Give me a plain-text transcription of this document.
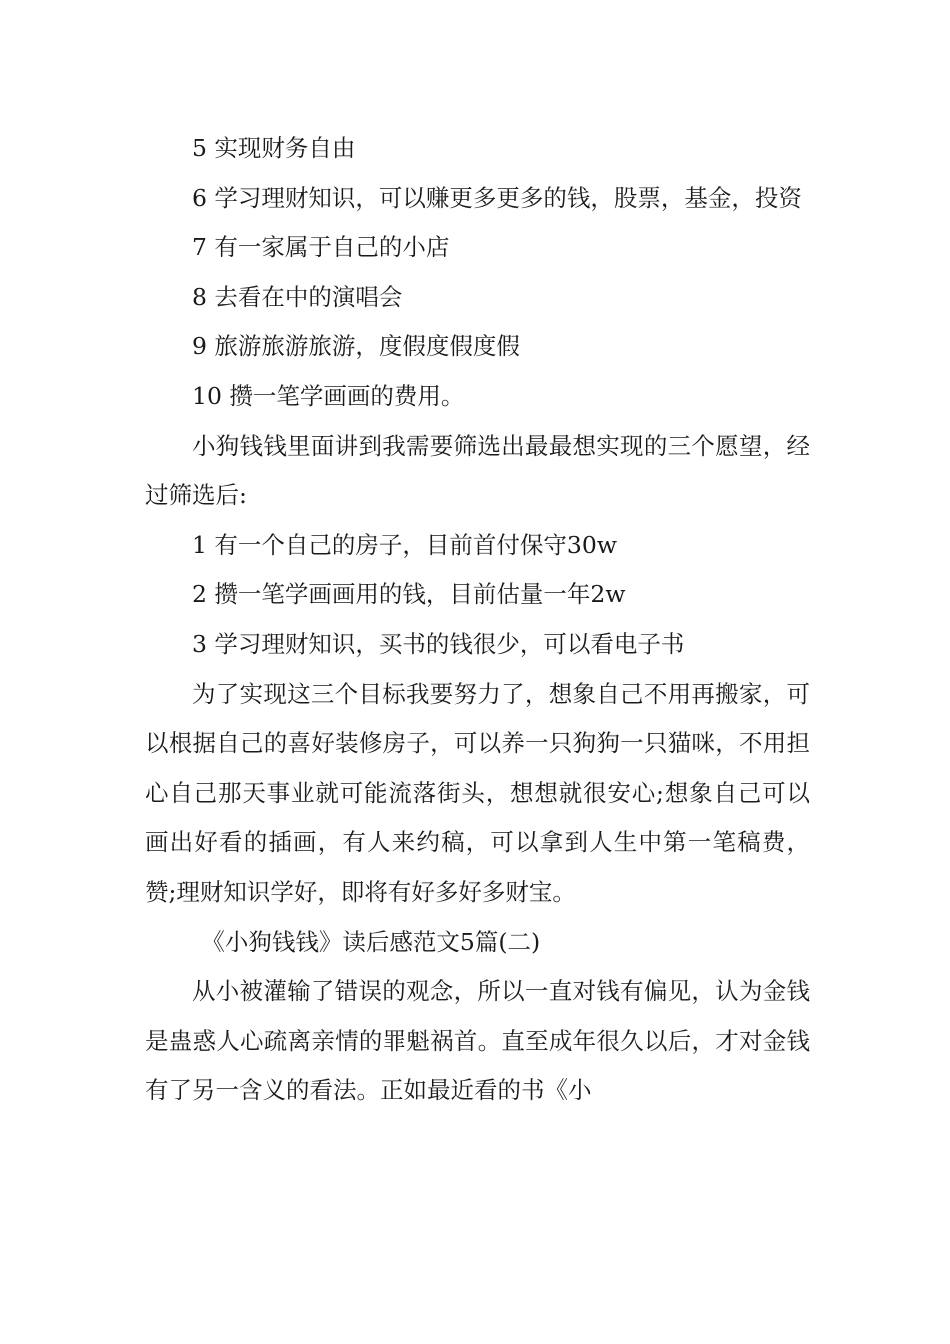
5 实现财务自由

6 学习理财知识，可以赚更多更多的钱，股票，基金，投资

7 有一家属于自己的小店

8 去看在中的演唱会

9 旅游旅游旅游，度假度假度假

10 攒一笔学画画的费用。

小狗钱钱里面讲到我需要筛选出最最想实现的三个愿望，经过筛选后:

1 有一个自己的房子，目前首付保守30w

2 攒一笔学画画用的钱，目前估量一年2w

3 学习理财知识，买书的钱很少，可以看电子书

为了实现这三个目标我要努力了，想象自己不用再搬家，可以根据自己的喜好装修房子，可以养一只狗狗一只猫咪，不用担心自己那天事业就可能流落街头，想想就很安心;想象自己可以画出好看的插画，有人来约稿，可以拿到人生中第一笔稿费，赞;理财知识学好，即将有好多好多财宝。

《小狗钱钱》读后感范文5篇(二)

从小被灌输了错误的观念，所以一直对钱有偏见，认为金钱是蛊惑人心疏离亲情的罪魁祸首。直至成年很久以后，才对金钱有了另一含义的看法。正如最近看的书《小
